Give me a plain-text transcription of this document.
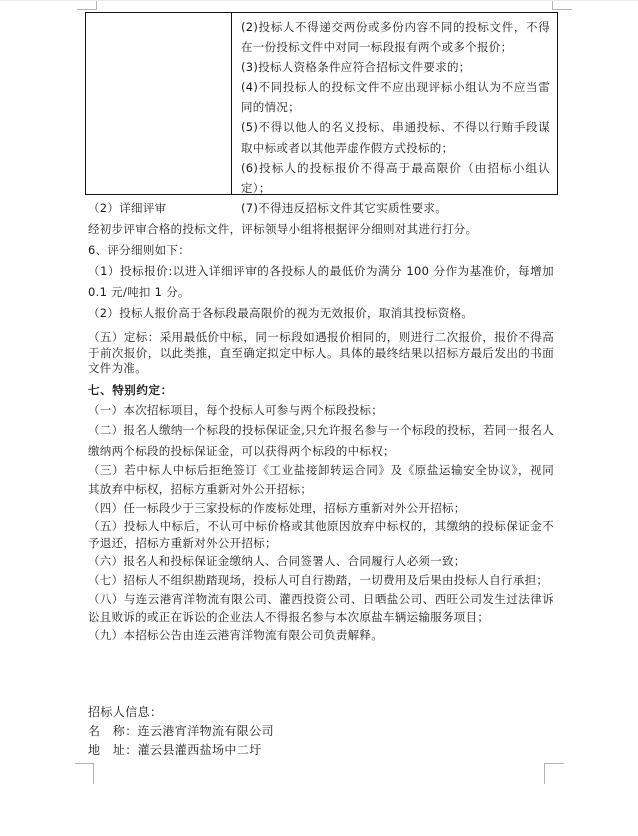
(2)投标人不得递交两份或多份内容不同的投标文件，不得在一份投标文件中对同一标段报有两个或多个报价；

(3)投标人资格条件应符合招标文件要求的；

(4)不同投标人的投标文件不应出现评标小组认为不应当雷同的情况；

(5)不得以他人的名义投标、串通投标、不得以行贿手段谋取中标或者以其他弄虚作假方式投标的；

(6)投标人的投标报价不得高于最高限价（由招标小组认定）；

(7)不得违反招标文件其它实质性要求。

（2）详细评审

经初步评审合格的投标文件，评标领导小组将根据评分细则对其进行打分。

6、评分细则如下：

（1）投标报价:以进入详细评审的各投标人的最低价为满分 100 分作为基准价，每增加 0.1 元/吨扣 1 分。

（2）投标人报价高于各标段最高限价的视为无效报价，取消其投标资格。

（五）定标：采用最低价中标，同一标段如遇报价相同的，则进行二次报价，报价不得高于前次报价，以此类推，直至确定拟定中标人。具体的最终结果以招标方最后发出的书面文件为准。

七、特别约定：

（一）本次招标项目，每个投标人可参与两个标段投标；

（二）报名人缴纳一个标段的投标保证金,只允许报名参与一个标段的投标，若同一报名人缴纳两个标段的投标保证金，可以获得两个标段的中标权；

（三）若中标人中标后拒绝签订《工业盐接卸转运合同》及《原盐运输安全协议》，视同其放弃中标权，招标方重新对外公开招标；

（四）任一标段少于三家投标的作废标处理，招标方重新对外公开招标；

（五）投标人中标后，不认可中标价格或其他原因放弃中标权的，其缴纳的投标保证金不予退还，招标方重新对外公开招标；

（六）报名人和投标保证金缴纳人、合同签署人、合同履行人必须一致；

（七）招标人不组织勘踏现场，投标人可自行勘踏，一切费用及后果由投标人自行承担；

（八）与连云港宵洋物流有限公司、灌西投资公司、日晒盐公司、西旺公司发生过法律诉讼且败诉的或正在诉讼的企业法人不得报名参与本次原盐车辆运输服务项目；

（九）本招标公告由连云港宵洋物流有限公司负责解释。

招标人信息：

名　称：连云港宵洋物流有限公司

地　址：灌云县灌西盐场中二圩
